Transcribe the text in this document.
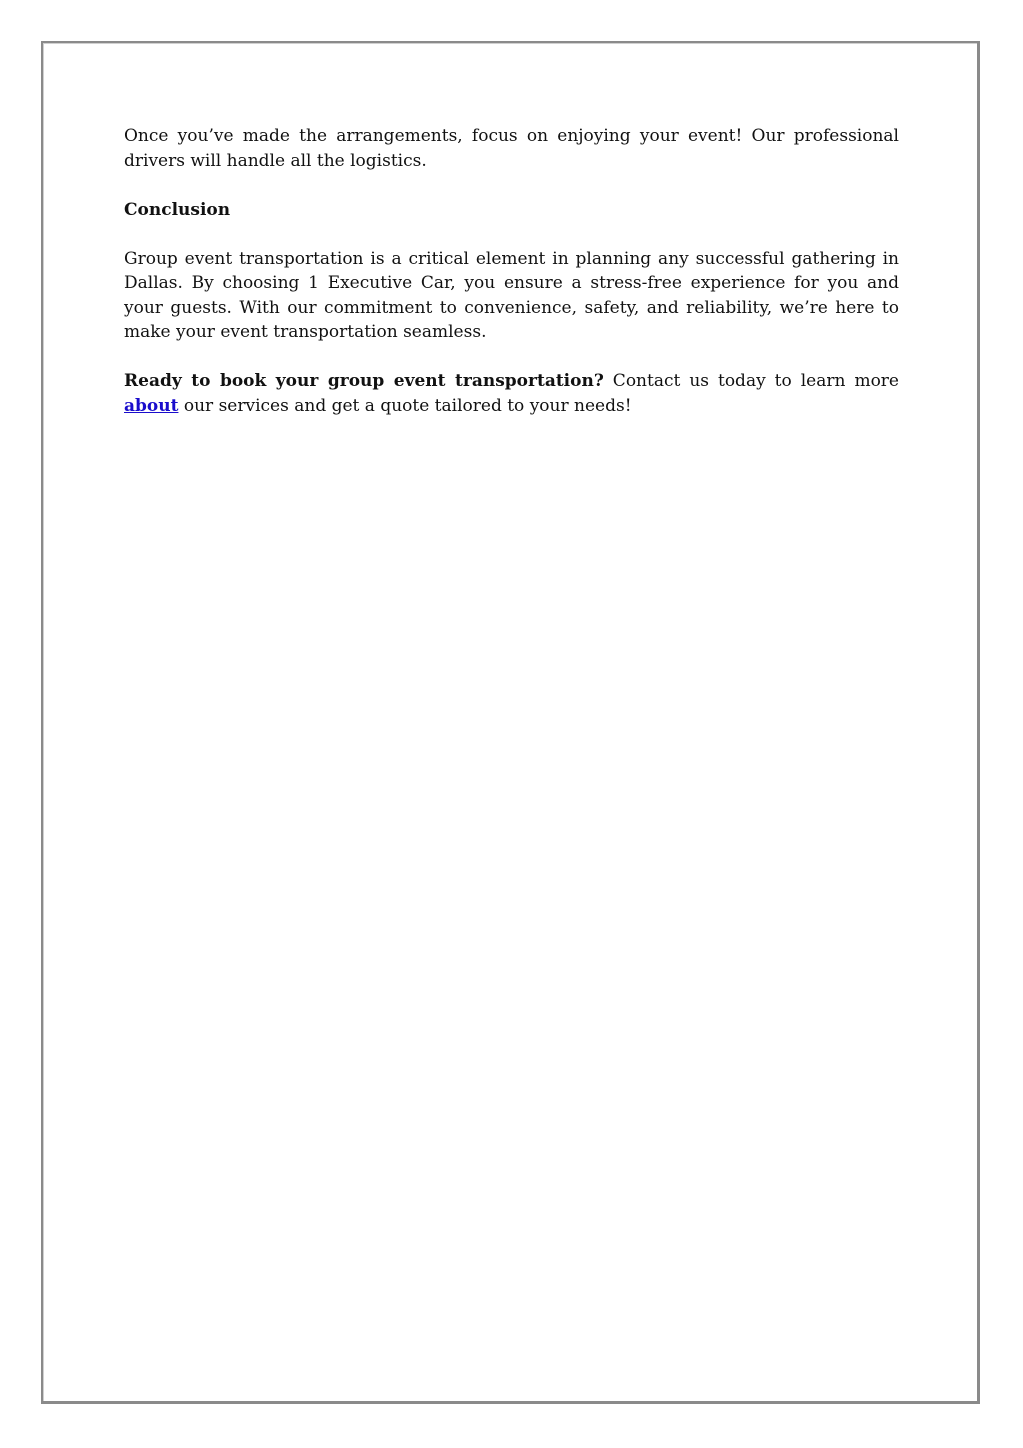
Once you’ve made the arrangements, focus on enjoying your event! Our professional drivers will handle all the logistics.

Conclusion

Group event transportation is a critical element in planning any successful gathering in Dallas. By choosing 1 Executive Car, you ensure a stress-free experience for you and your guests. With our commitment to convenience, safety, and reliability, we’re here to make your event transportation seamless.

Ready to book your group event transportation? Contact us today to learn more about our services and get a quote tailored to your needs!
